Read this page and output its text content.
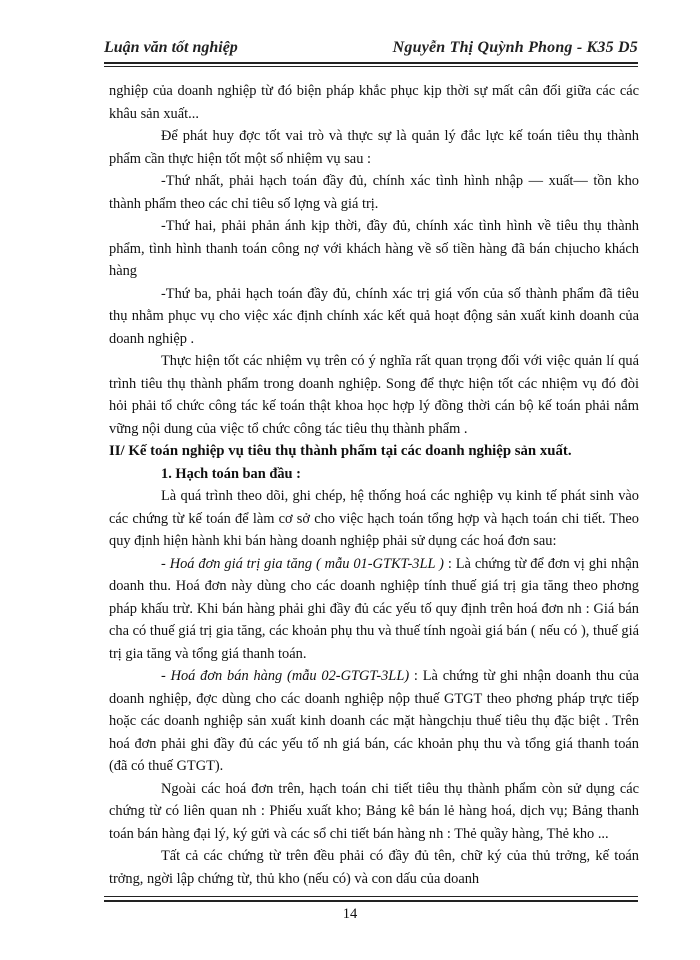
Luận văn tốt nghiệp	Nguyễn Thị Quỳnh Phong - K35 D5

nghiệp của doanh nghiệp từ đó biện pháp khắc phục kịp thời sự mất cân đối giữa các các khâu sản xuất...

Để phát huy đợc tốt vai trò và thực sự là quản lý đắc lực kế toán tiêu thụ thành phẩm cần thực hiện tốt một số nhiệm vụ sau :

-Thứ nhất, phải hạch toán đầy đủ, chính xác tình hình nhập — xuất— tồn kho thành phẩm theo các chỉ tiêu số lợng và giá trị.

-Thứ hai, phải phản ánh kịp thời, đầy đủ, chính xác tình hình về tiêu thụ thành phẩm, tình hình thanh toán công nợ với khách hàng về số tiền hàng đã bán chịucho khách hàng

-Thứ ba, phải hạch toán đầy đủ, chính xác trị giá vốn của số thành phẩm đã tiêu thụ nhằm phục vụ cho việc xác định chính xác kết quả hoạt động sản xuất kinh doanh của doanh nghiệp .

Thực hiện tốt các nhiệm vụ trên có ý nghĩa rất quan trọng đối với việc quản lí quá trình tiêu thụ thành phẩm trong doanh nghiệp. Song để thực hiện tốt các nhiệm vụ đó đòi hỏi phải tổ chức công tác kế toán thật khoa học hợp lý đồng thời cán bộ kế toán phải nắm vững nội dung của việc tổ chức công tác tiêu thụ thành phẩm .

II/ Kế toán nghiệp vụ tiêu thụ thành phẩm tại các doanh nghiệp sản xuất.

1. Hạch toán ban đầu :

Là quá trình theo dõi, ghi chép, hệ thống hoá các nghiệp vụ kinh tế phát sinh vào các chứng từ kế toán để làm cơ sở cho việc hạch toán tổng hợp và hạch toán chi tiết. Theo quy định hiện hành khi bán hàng doanh nghiệp phải sử dụng các hoá đơn sau:

- Hoá đơn giá trị gia tăng ( mẫu 01-GTKT-3LL ) : Là chứng từ để đơn vị ghi nhận doanh thu. Hoá đơn này dùng cho các doanh nghiệp tính thuế giá trị gia tăng theo phơng pháp khấu trừ. Khi bán hàng phải ghi đầy đủ các yếu tố quy định trên hoá đơn nh : Giá bán cha có thuế giá trị gia tăng, các khoản phụ thu và thuế tính ngoài giá bán ( nếu có ), thuế giá trị gia tăng và tổng giá thanh toán.

- Hoá đơn bán hàng (mẫu 02-GTGT-3LL) : Là chứng từ ghi nhận doanh thu của doanh nghiệp, đợc dùng cho các doanh nghiệp nộp thuế GTGT theo phơng pháp trực tiếp hoặc các doanh nghiệp sản xuất kinh doanh các mặt hàngchịu thuế tiêu thụ đặc biệt . Trên hoá đơn phải ghi đầy đủ các yếu tố nh giá bán, các khoản phụ thu và tổng giá thanh toán (đã có thuế GTGT).

Ngoài các hoá đơn trên, hạch toán chi tiết tiêu thụ thành phẩm còn sử dụng các chứng từ có liên quan nh : Phiếu xuất kho; Bảng kê bán lẻ hàng hoá, dịch vụ; Bảng thanh toán bán hàng đại lý, ký gửi và các sổ chi tiết bán hàng nh : Thẻ quầy hàng, Thẻ kho ...

Tất cả các chứng từ trên đều phải có đầy đủ tên, chữ ký của thủ trởng, kế toán trởng, ngời lập chứng từ, thủ kho (nếu có) và con dấu của doanh

14
